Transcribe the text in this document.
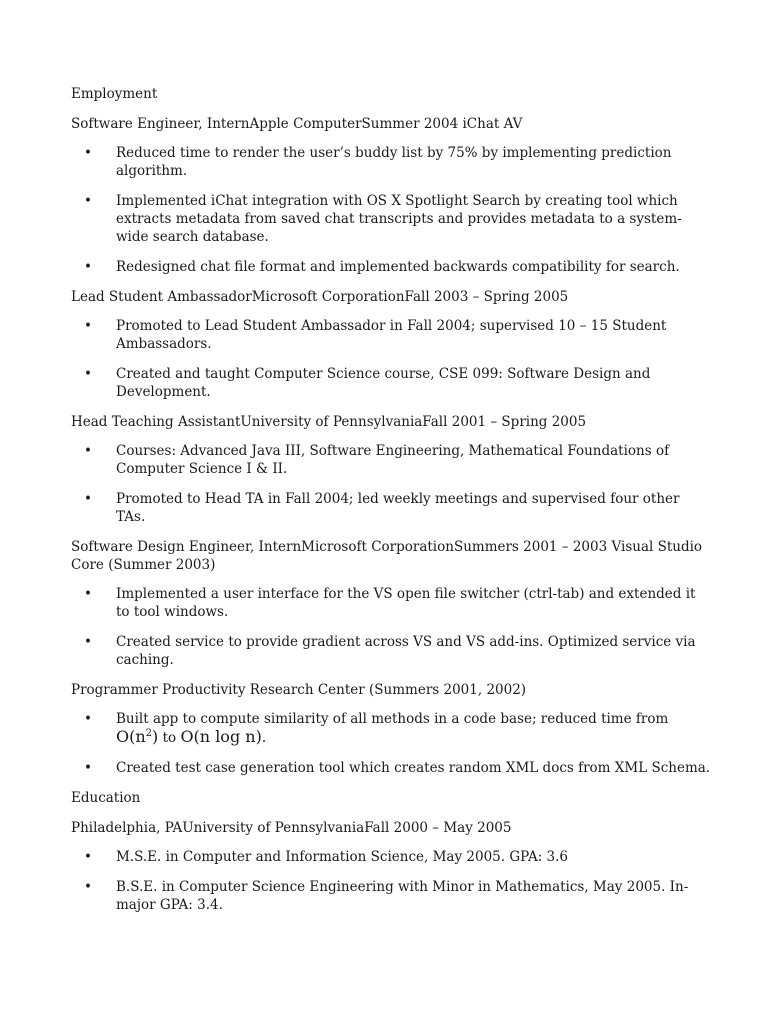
Employment
Software Engineer, InternApple ComputerSummer 2004 iChat AV
• Reduced time to render the user’s buddy list by 75% by implementing prediction algorithm.
• Implemented iChat integration with OS X Spotlight Search by creating tool which extracts metadata from saved chat transcripts and provides metadata to a system-wide search database.
• Redesigned chat file format and implemented backwards compatibility for search.
Lead Student AmbassadorMicrosoft CorporationFall 2003 – Spring 2005
• Promoted to Lead Student Ambassador in Fall 2004; supervised 10 – 15 Student Ambassadors.
• Created and taught Computer Science course, CSE 099: Software Design and Development.
Head Teaching AssistantUniversity of PennsylvaniaFall 2001 – Spring 2005
• Courses: Advanced Java III, Software Engineering, Mathematical Foundations of Computer Science I & II.
• Promoted to Head TA in Fall 2004; led weekly meetings and supervised four other TAs.
Software Design Engineer, InternMicrosoft CorporationSummers 2001 – 2003 Visual Studio Core (Summer 2003)
• Implemented a user interface for the VS open file switcher (ctrl-tab) and extended it to tool windows.
• Created service to provide gradient across VS and VS add-ins. Optimized service via caching.
Programmer Productivity Research Center (Summers 2001, 2002)
• Built app to compute similarity of all methods in a code base; reduced time from $O(n^2)$ to O(n log n).
• Created test case generation tool which creates random XML docs from XML Schema.
Education
Philadelphia, PAUniversity of PennsylvaniaFall 2000 – May 2005
• M.S.E. in Computer and Information Science, May 2005. GPA: 3.6
• B.S.E. in Computer Science Engineering with Minor in Mathematics, May 2005. In-major GPA: 3.4.
